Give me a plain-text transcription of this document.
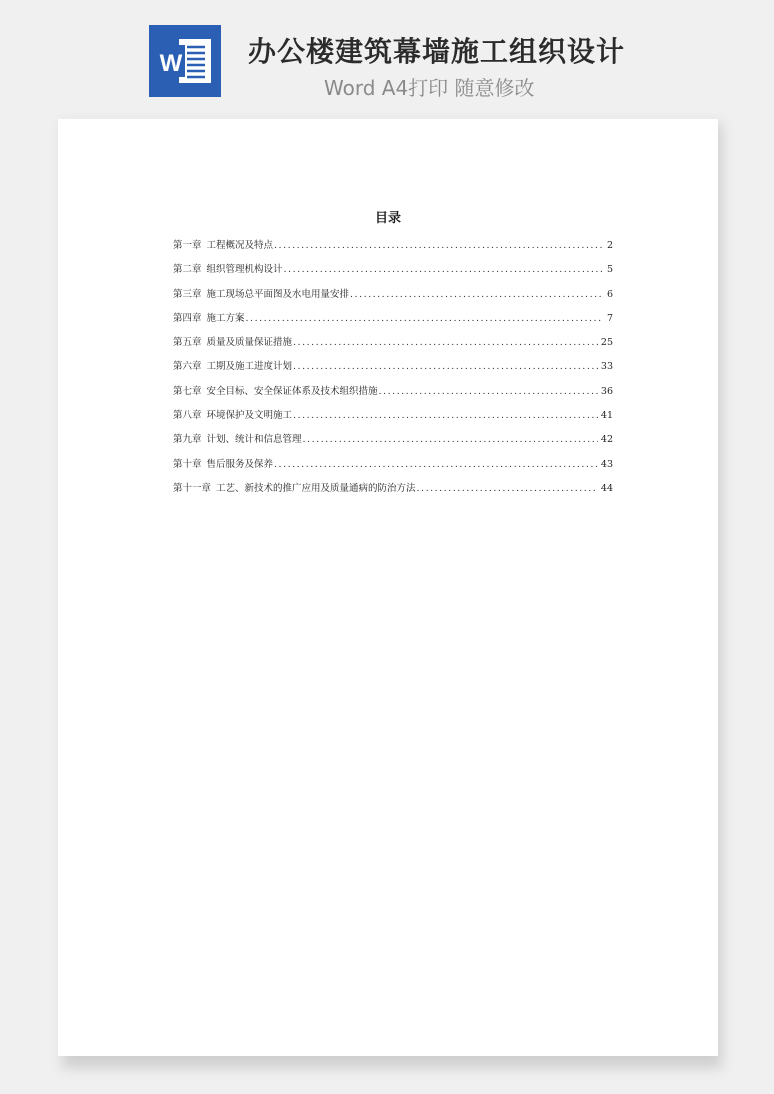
W 办公楼建筑幕墙施工组织设计
Word A4打印 随意修改
目录
第一章 工程概况及特点 .....	2
第二章 组织管理机构设计 .....	5
第三章 施工现场总平面图及水电用量安排 .....	6
第四章 施工方案 .....	7
第五章 质量及质量保证措施 .....	25
第六章 工期及施工进度计划 .....	33
第七章 安全目标、安全保证体系及技术组织措施 .....	36
第八章 环境保护及文明施工 .....	41
第九章 计划、统计和信息管理 .....	42
第十章 售后服务及保养 .....	43
第十一章 工艺、新技术的推广应用及质量通病的防治方法 .....	44
